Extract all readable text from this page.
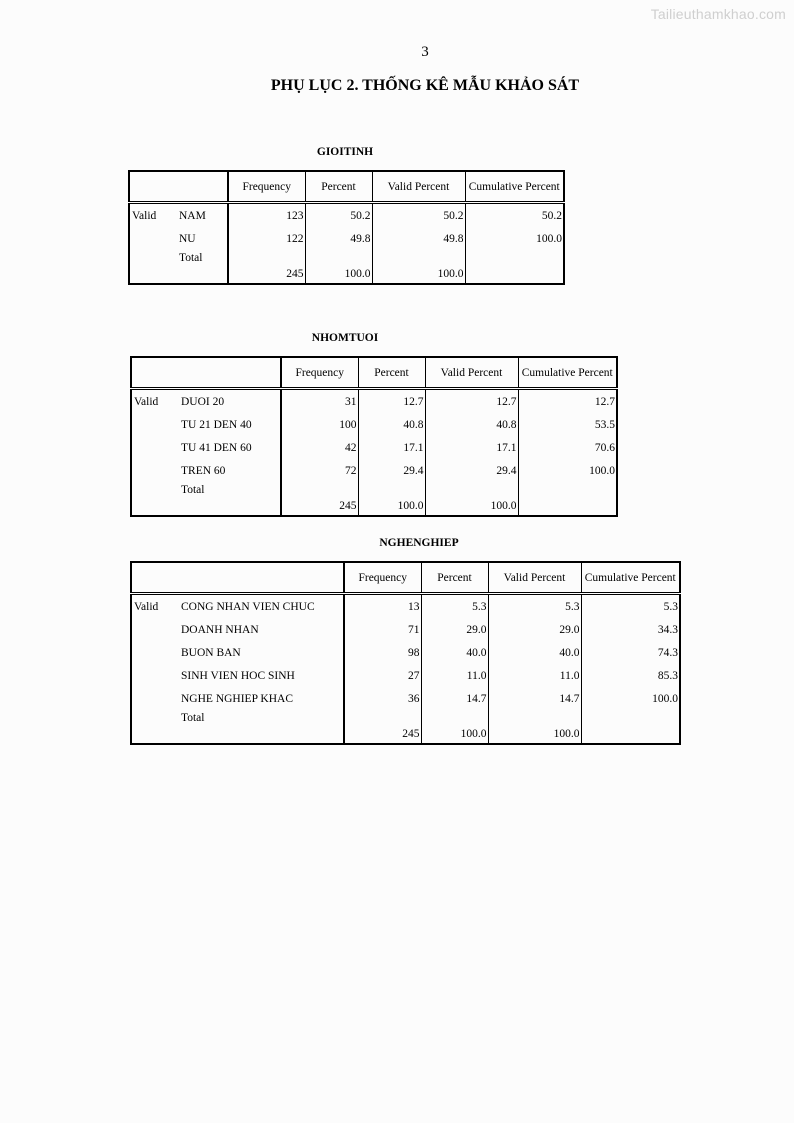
Tailieuthamkhao.com
3
PHỤ LỤC 2. THỐNG KÊ MẪU KHẢO SÁT
GIOITINH
		Frequency	Percent	Valid Percent	Cumulative Percent
Valid	NAM	123	50.2	50.2	50.2
	NU	122	49.8	49.8	100.0
	Total	245	100.0	100.0	
NHOMTUOI
		Frequency	Percent	Valid Percent	Cumulative Percent
Valid	DUOI 20	31	12.7	12.7	12.7
	TU 21 DEN 40	100	40.8	40.8	53.5
	TU 41 DEN 60	42	17.1	17.1	70.6
	TREN 60	72	29.4	29.4	100.0
	Total	245	100.0	100.0	
NGHENGHIEP
		Frequency	Percent	Valid Percent	Cumulative Percent
Valid	CONG NHAN VIEN CHUC	13	5.3	5.3	5.3
	DOANH NHAN	71	29.0	29.0	34.3
	BUON BAN	98	40.0	40.0	74.3
	SINH VIEN HOC SINH	27	11.0	11.0	85.3
	NGHE NGHIEP KHAC	36	14.7	14.7	100.0
	Total	245	100.0	100.0	
